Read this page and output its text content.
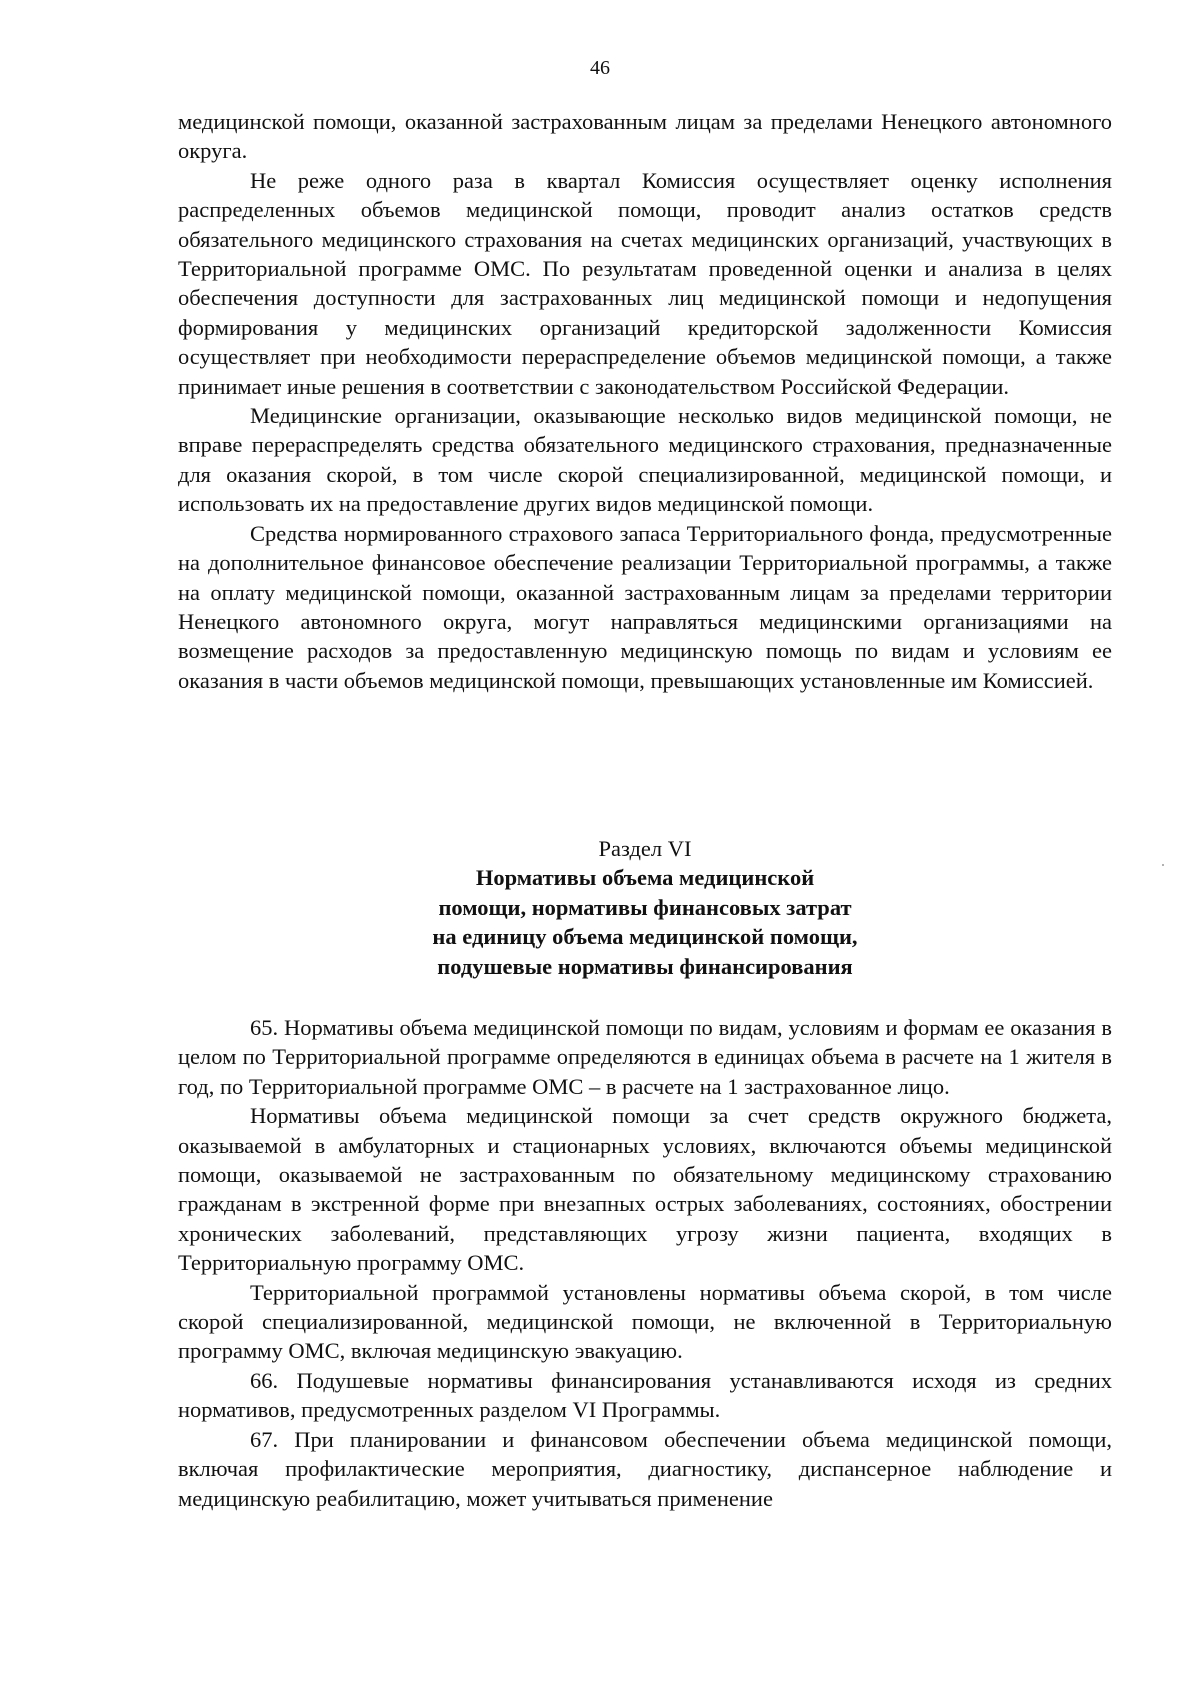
46

медицинской помощи, оказанной застрахованным лицам за пределами Ненецкого автономного округа.

Не реже одного раза в квартал Комиссия осуществляет оценку исполнения распределенных объемов медицинской помощи, проводит анализ остатков средств обязательного медицинского страхования на счетах медицинских организаций, участвующих в Территориальной программе ОМС. По результатам проведенной оценки и анализа в целях обеспечения доступности для застрахованных лиц медицинской помощи и недопущения формирования у медицинских организаций кредиторской задолженности Комиссия осуществляет при необходимости перераспределение объемов медицинской помощи, а также принимает иные решения в соответствии с законодательством Российской Федерации.

Медицинские организации, оказывающие несколько видов медицинской помощи, не вправе перераспределять средства обязательного медицинского страхования, предназначенные для оказания скорой, в том числе скорой специализированной, медицинской помощи, и использовать их на предоставление других видов медицинской помощи.

Средства нормированного страхового запаса Территориального фонда, предусмотренные на дополнительное финансовое обеспечение реализации Территориальной программы, а также на оплату медицинской помощи, оказанной застрахованным лицам за пределами территории Ненецкого автономного округа, могут направляться медицинскими организациями на возмещение расходов за предоставленную медицинскую помощь по видам и условиям ее оказания в части объемов медицинской помощи, превышающих установленные им Комиссией.

Раздел VI

Нормативы объема медицинской
помощи, нормативы финансовых затрат
на единицу объема медицинской помощи,
подушевые нормативы финансирования

65. Нормативы объема медицинской помощи по видам, условиям и формам ее оказания в целом по Территориальной программе определяются в единицах объема в расчете на 1 жителя в год, по Территориальной программе ОМС – в расчете на 1 застрахованное лицо.

Нормативы объема медицинской помощи за счет средств окружного бюджета, оказываемой в амбулаторных и стационарных условиях, включаются объемы медицинской помощи, оказываемой не застрахованным по обязательному медицинскому страхованию гражданам в экстренной форме при внезапных острых заболеваниях, состояниях, обострении хронических заболеваний, представляющих угрозу жизни пациента, входящих в Территориальную программу ОМС.

Территориальной программой установлены нормативы объема скорой, в том числе скорой специализированной, медицинской помощи, не включенной в Территориальную программу ОМС, включая медицинскую эвакуацию.

66. Подушевые нормативы финансирования устанавливаются исходя из средних нормативов, предусмотренных разделом VI Программы.

67. При планировании и финансовом обеспечении объема медицинской помощи, включая профилактические мероприятия, диагностику, диспансерное наблюдение и медицинскую реабилитацию, может учитываться применение
